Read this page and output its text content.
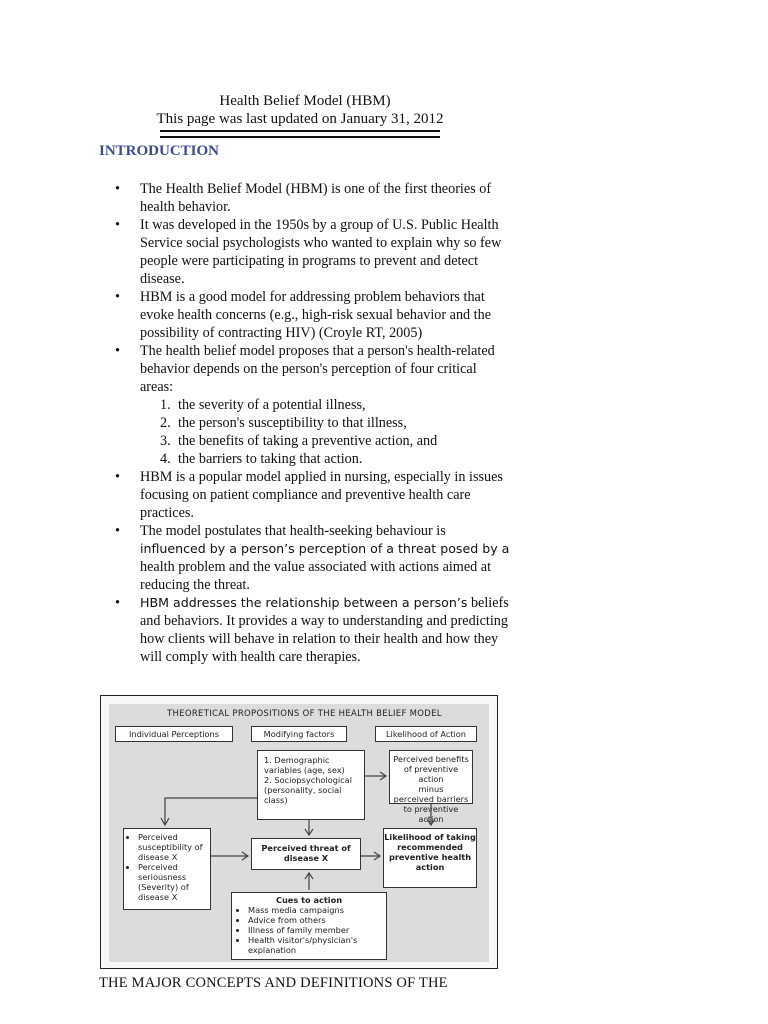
Health Belief Model (HBM)
This page was last updated on January 31, 2012
INTRODUCTION
• The Health Belief Model (HBM) is one of the first theories of health behavior.
• It was developed in the 1950s by a group of U.S. Public Health Service social psychologists who wanted to explain why so few people were participating in programs to prevent and detect disease.
• HBM is a good model for addressing problem behaviors that evoke health concerns (e.g., high-risk sexual behavior and the possibility of contracting HIV) (Croyle RT, 2005)
• The health belief model proposes that a person's health-related behavior depends on the person's perception of four critical areas:
1. the severity of a potential illness,
2. the person's susceptibility to that illness,
3. the benefits of taking a preventive action, and
4. the barriers to taking that action.
• HBM is a popular model applied in nursing, especially in issues focusing on patient compliance and preventive health care practices.
• The model postulates that health-seeking behaviour is influenced by a person’s perception of a threat posed by a health problem and the value associated with actions aimed at reducing the threat.
• HBM addresses the relationship between a person’s beliefs and behaviors. It provides a way to understanding and predicting how clients will behave in relation to their health and how they will comply with health care therapies.
THEORETICAL PROPOSITIONS OF THE HEALTH BELIEF MODEL
Individual Perceptions	Modifying factors	Likelihood of Action
1. Demographic variables (age, sex)
2. Sociopsychological (personality, social class)
Perceived benefits
of preventive action
minus
perceived barriers
to preventive action
• Perceived susceptibility of disease X
• Perceived seriousness (Severity) of disease X
Perceived threat of disease X
Likelihood of taking recommended preventive health action
Cues to action
• Mass media campaigns
• Advice from others
• Illness of family member
• Health visitor's/physician's explanation
THE MAJOR CONCEPTS AND DEFINITIONS OF THE
